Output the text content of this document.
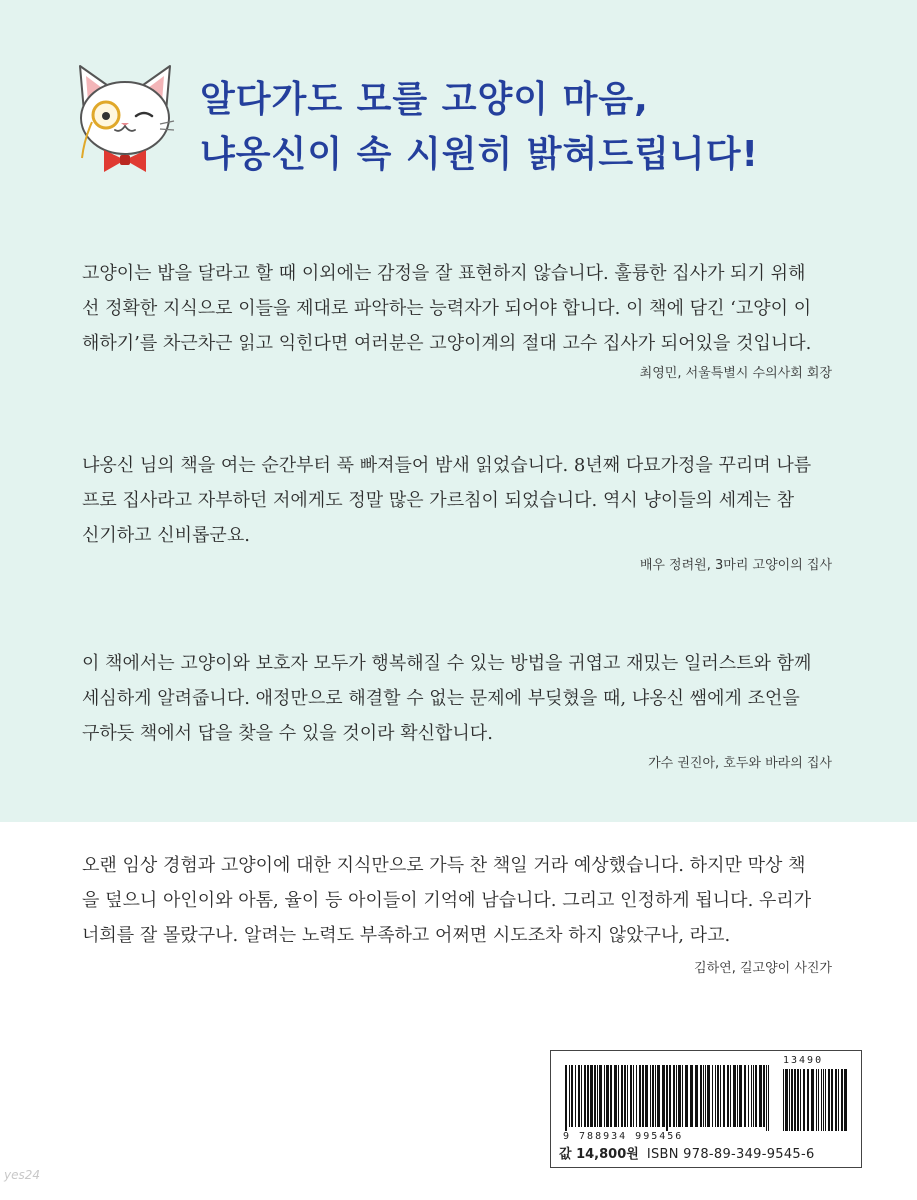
알다가도 모를 고양이 마음,
냐옹신이 속 시원히 밝혀드립니다!
고양이는 밥을 달라고 할 때 이외에는 감정을 잘 표현하지 않습니다. 훌륭한 집사가 되기 위해
선 정확한 지식으로 이들을 제대로 파악하는 능력자가 되어야 합니다. 이 책에 담긴 ‘고양이 이
해하기’를 차근차근 읽고 익힌다면 여러분은 고양이계의 절대 고수 집사가 되어있을 것입니다.
최영민, 서울특별시 수의사회 회장
냐옹신 님의 책을 여는 순간부터 푹 빠져들어 밤새 읽었습니다. 8년째 다묘가정을 꾸리며 나름
프로 집사라고 자부하던 저에게도 정말 많은 가르침이 되었습니다. 역시 냥이들의 세계는 참
신기하고 신비롭군요.
배우 정려원, 3마리 고양이의 집사
이 책에서는 고양이와 보호자 모두가 행복해질 수 있는 방법을 귀엽고 재밌는 일러스트와 함께
세심하게 알려줍니다. 애정만으로 해결할 수 없는 문제에 부딪혔을 때, 냐옹신 쌤에게 조언을
구하듯 책에서 답을 찾을 수 있을 것이라 확신합니다.
가수 권진아, 호두와 바라의 집사
오랜 임상 경험과 고양이에 대한 지식만으로 가득 찬 책일 거라 예상했습니다. 하지만 막상 책
을 덮으니 아인이와 아톰, 율이 등 아이들이 기억에 남습니다. 그리고 인정하게 됩니다. 우리가
너희를 잘 몰랐구나. 알려는 노력도 부족하고 어쩌면 시도조차 하지 않았구나, 라고.
김하연, 길고양이 사진가
13490
9 788934 995456
값 14,800원 ISBN 978-89-349-9545-6
yes24
